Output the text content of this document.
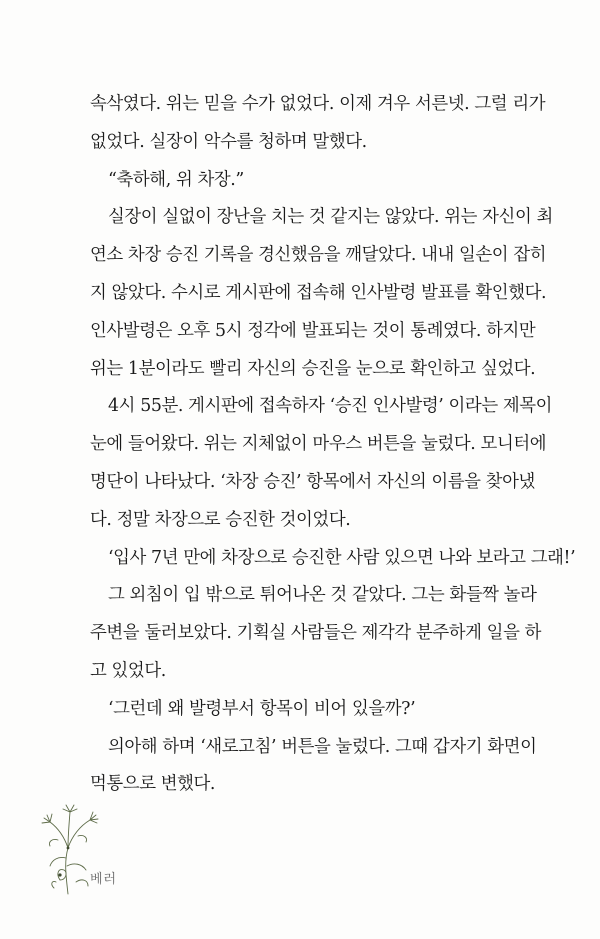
속삭였다. 위는 믿을 수가 없었다. 이제 겨우 서른넷. 그럴 리가
없었다. 실장이 악수를 청하며 말했다.
“축하해, 위 차장.”
실장이 실없이 장난을 치는 것 같지는 않았다. 위는 자신이 최
연소 차장 승진 기록을 경신했음을 깨달았다. 내내 일손이 잡히
지 않았다. 수시로 게시판에 접속해 인사발령 발표를 확인했다.
인사발령은 오후 5시 정각에 발표되는 것이 통례였다. 하지만
위는 1분이라도 빨리 자신의 승진을 눈으로 확인하고 싶었다.
4시 55분. 게시판에 접속하자 ‘승진 인사발령’ 이라는 제목이
눈에 들어왔다. 위는 지체없이 마우스 버튼을 눌렀다. 모니터에
명단이 나타났다. ‘차장 승진’ 항목에서 자신의 이름을 찾아냈
다. 정말 차장으로 승진한 것이었다.
‘입사 7년 만에 차장으로 승진한 사람 있으면 나와 보라고 그래!’
그 외침이 입 밖으로 튀어나온 것 같았다. 그는 화들짝 놀라
주변을 둘러보았다. 기획실 사람들은 제각각 분주하게 일을 하
고 있었다.
‘그런데 왜 발령부서 항목이 비어 있을까?’
의아해 하며 ‘새로고침’ 버튼을 눌렀다. 그때 갑자기 화면이
먹통으로 변했다.
베러
